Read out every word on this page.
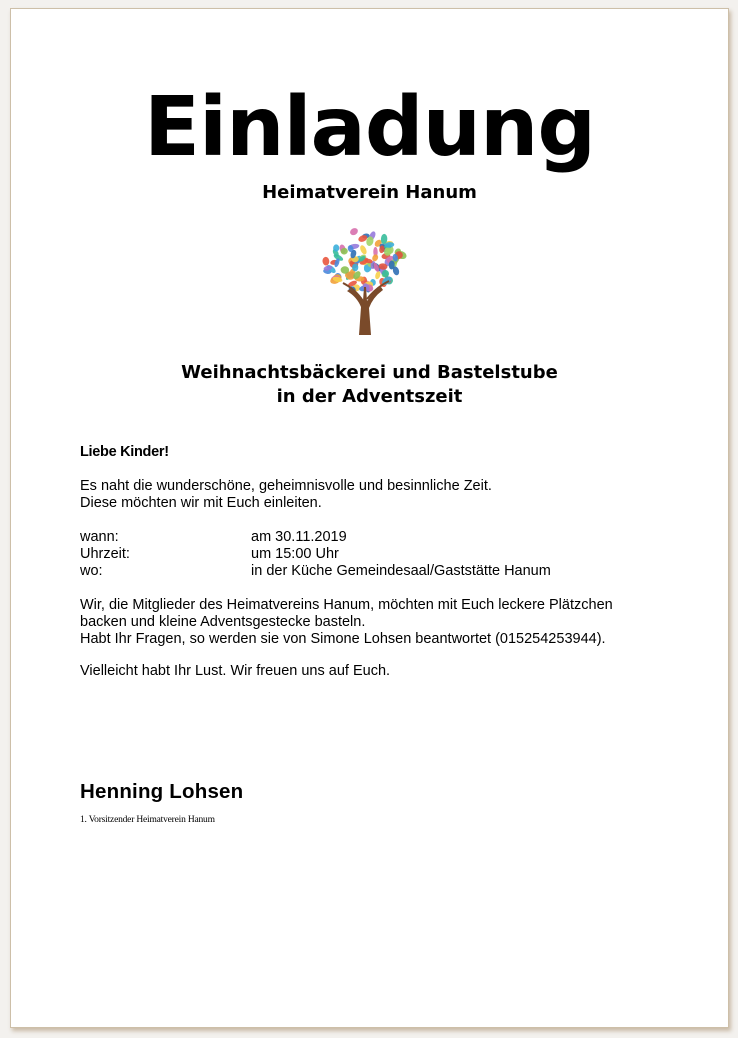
Einladung
Heimatverein Hanum
Weihnachtsbäckerei und Bastelstube
in der Adventszeit

Liebe Kinder!

Es naht die wunderschöne, geheimnisvolle und besinnliche Zeit.

Diese möchten wir mit Euch einleiten.

wann:	am 30.11.2019
Uhrzeit:	um 15:00 Uhr
wo:	in der Küche Gemeindesaal/Gaststätte Hanum

Wir, die Mitglieder des Heimatvereins Hanum, möchten mit Euch leckere Plätzchen

backen und kleine Adventsgestecke basteln.

Habt Ihr Fragen, so werden sie von Simone Lohsen beantwortet (015254253944).

Vielleicht habt Ihr Lust. Wir freuen uns auf Euch.

Henning Lohsen
1. Vorsitzender Heimatverein Hanum
